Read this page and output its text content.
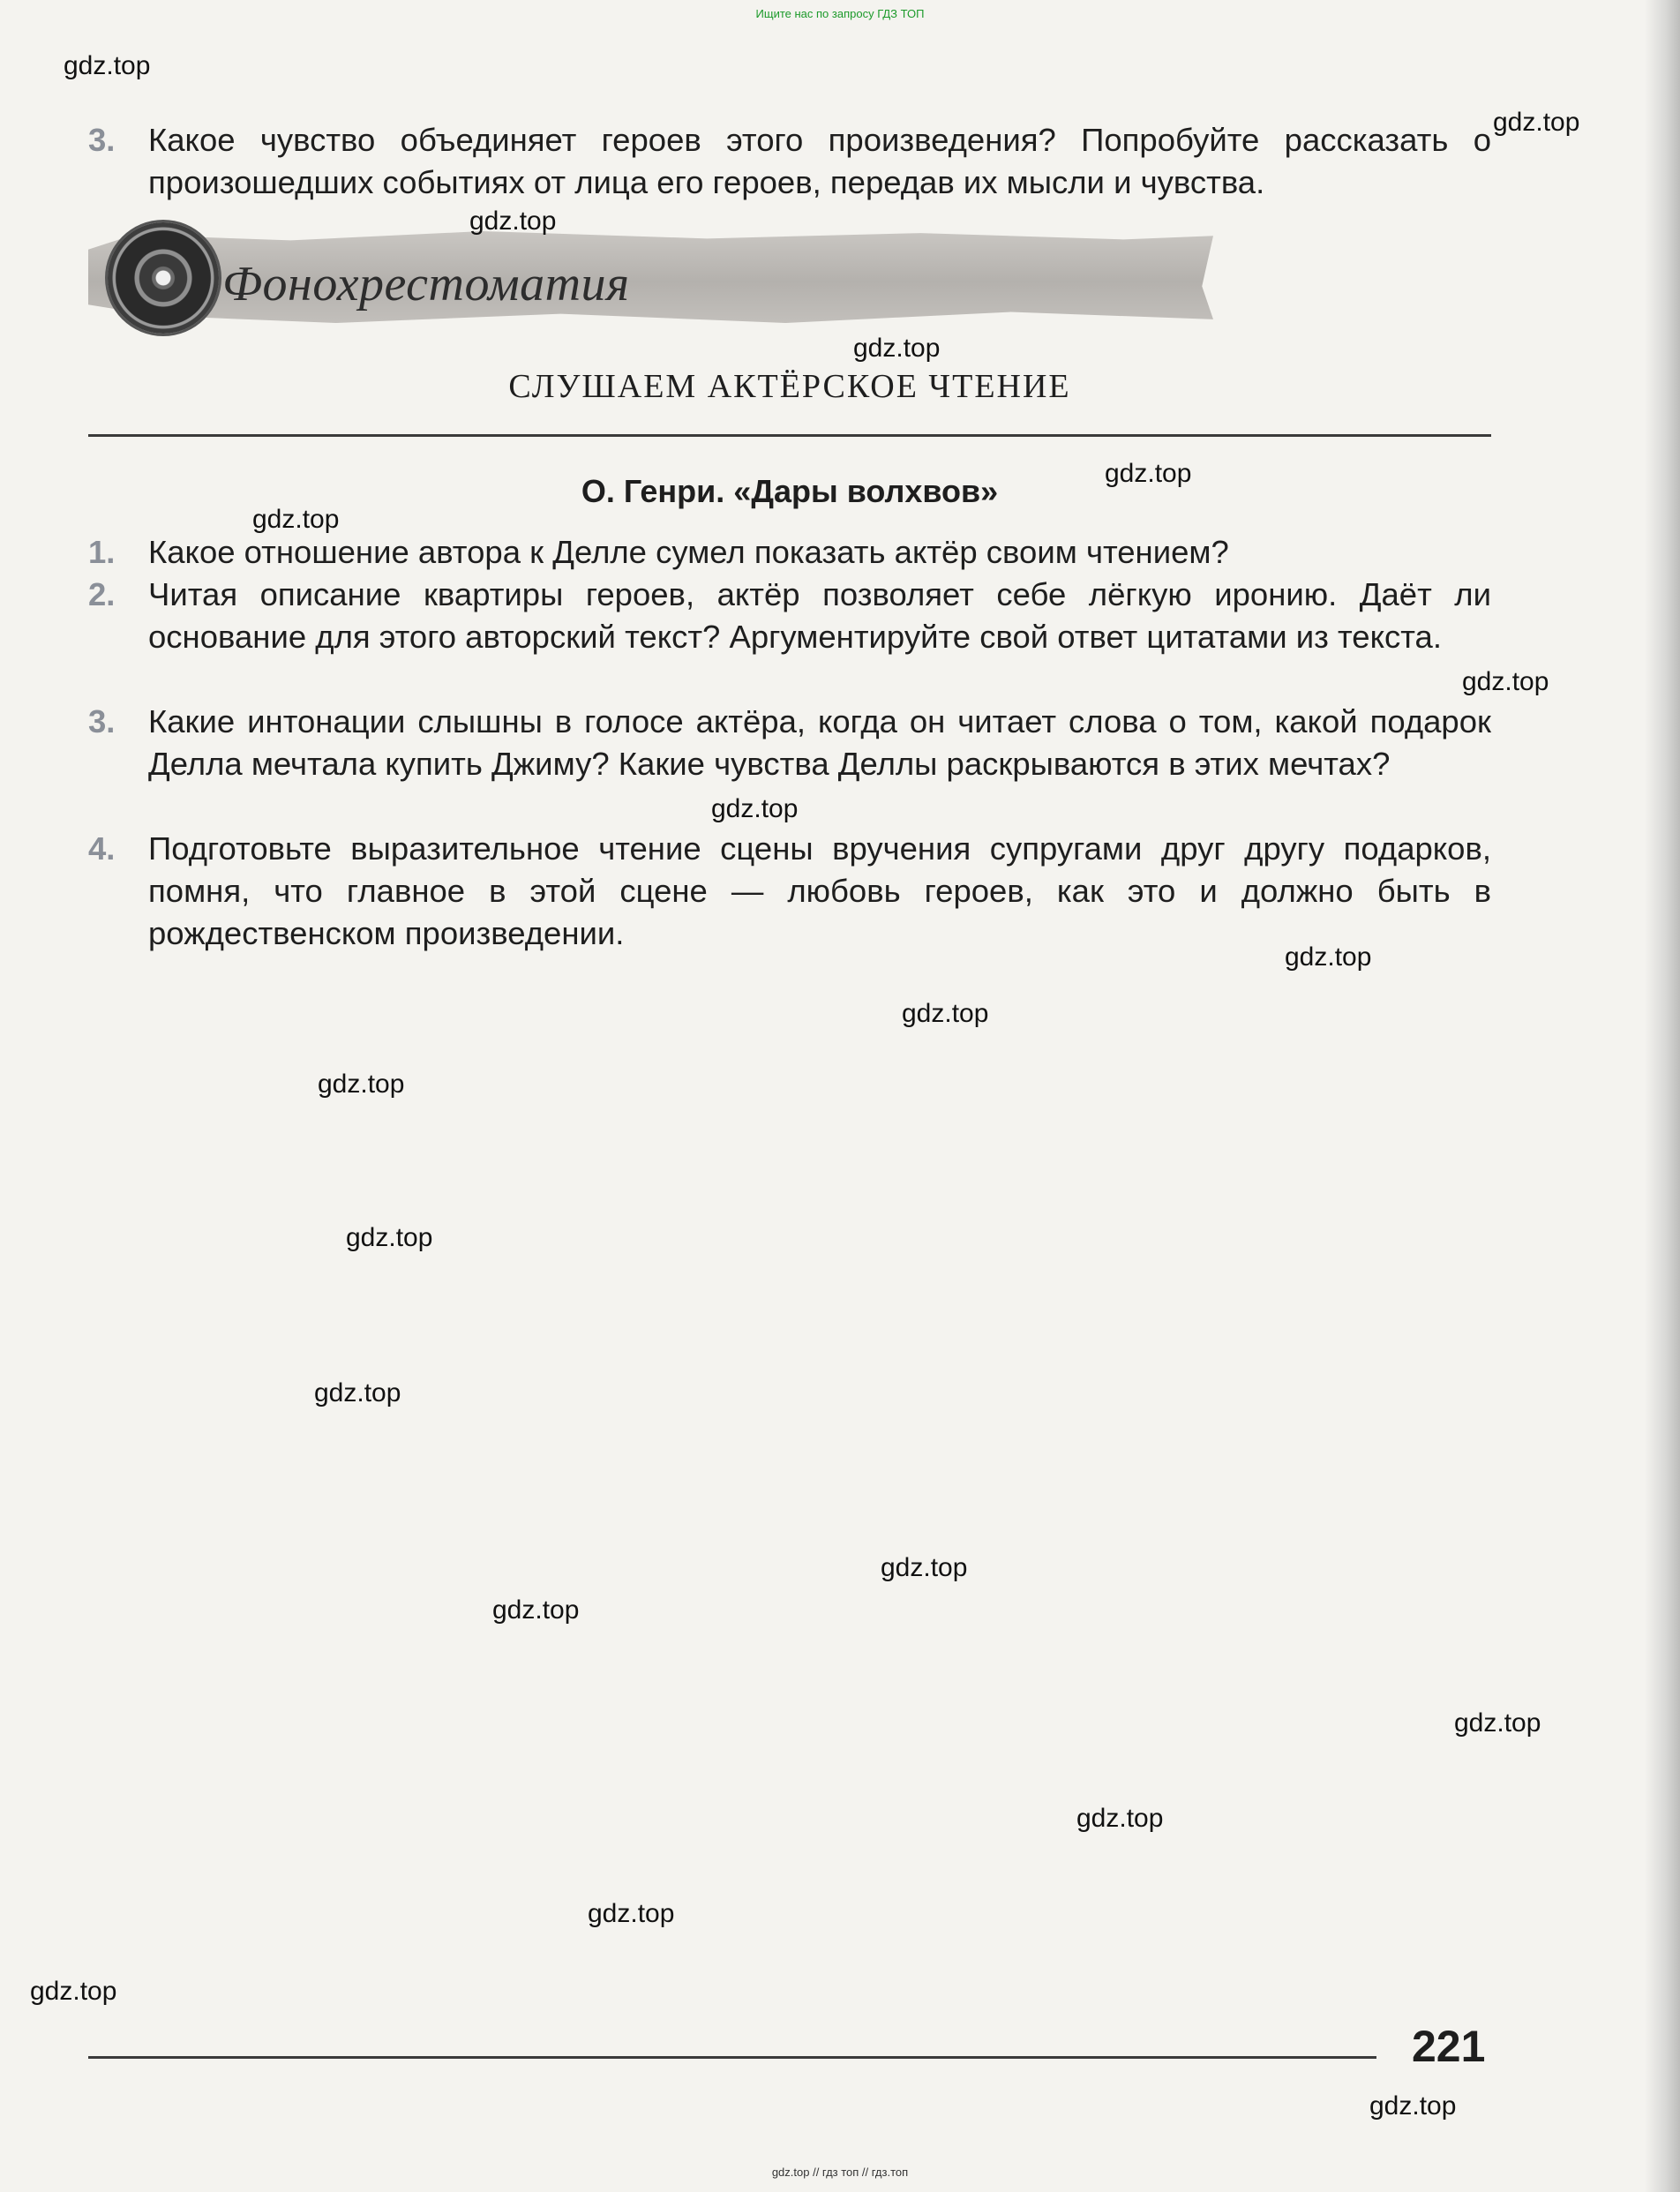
Ищите нас по запросу ГДЗ ТОП
3.	Какое чувство объединяет героев этого произведения? Попробуйте рассказать о произошедших событиях от лица его героев, передав их мысли и чувства.
Фонохрестоматия
СЛУШАЕМ АКТЁРСКОЕ ЧТЕНИЕ
О. Генри. «Дары волхвов»
1.	Какое отношение автора к Делле сумел показать актёр своим чтением?
2.	Читая описание квартиры героев, актёр позволяет себе лёгкую иронию. Даёт ли основание для этого авторский текст? Аргументируйте свой ответ цитатами из текста.
3.	Какие интонации слышны в голосе актёра, когда он читает слова о том, какой подарок Делла мечтала купить Джиму? Какие чувства Деллы раскрываются в этих мечтах?
4.	Подготовьте выразительное чтение сцены вручения супругами друг другу подарков, помня, что главное в этой сцене — любовь героев, как это и должно быть в рождественском произведении.
221
gdz.top // гдз топ // гдз.топ
gdz.top
gdz.top
gdz.top
gdz.top
gdz.top
gdz.top
gdz.top
gdz.top
gdz.top
gdz.top
gdz.top
gdz.top
gdz.top
gdz.top
gdz.top
gdz.top
gdz.top
gdz.top
gdz.top
gdz.top
